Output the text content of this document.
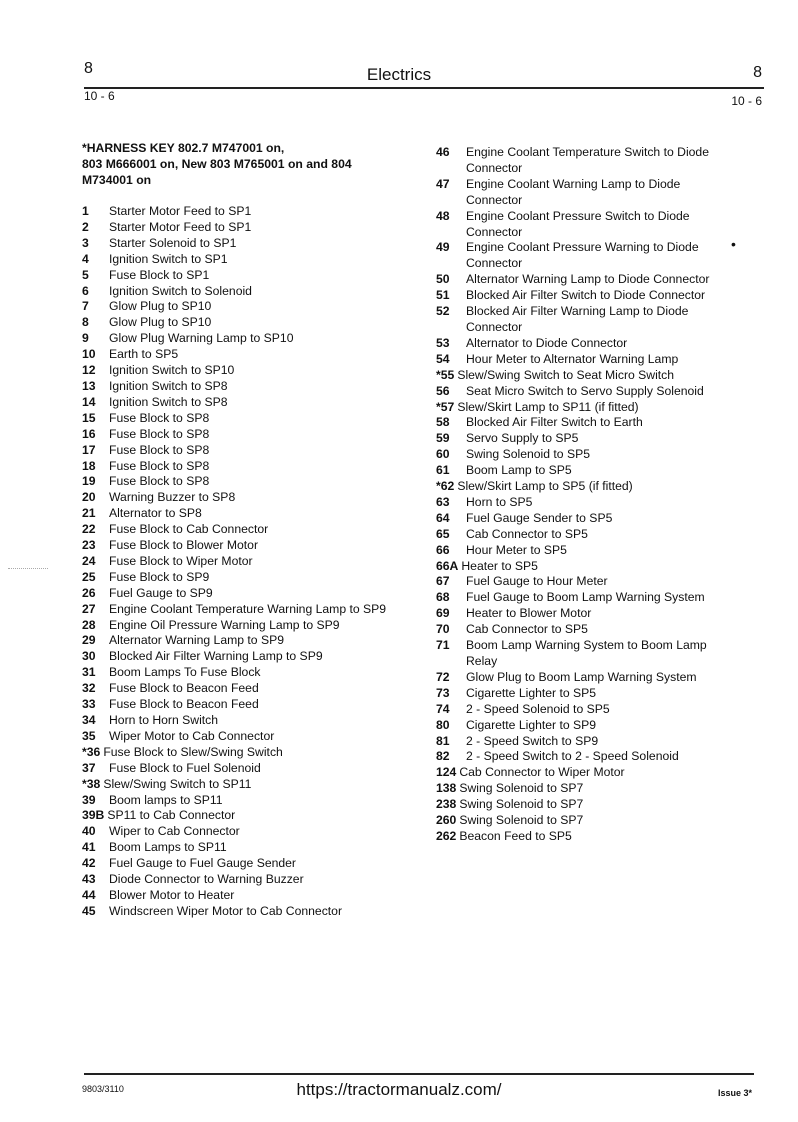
8	Electrics	8
10 - 6	10 - 6
*HARNESS KEY 802.7 M747001 on,
803 M666001 on, New 803 M765001 on and 804
M734001 on
1	Starter Motor Feed to SP1
2	Starter Motor Feed to SP1
3	Starter Solenoid to SP1
4	Ignition Switch to SP1
5	Fuse Block to SP1
6	Ignition Switch to Solenoid
7	Glow Plug to SP10
8	Glow Plug to SP10
9	Glow Plug Warning Lamp to SP10
10	Earth to SP5
12	Ignition Switch to SP10
13	Ignition Switch to SP8
14	Ignition Switch to SP8
15	Fuse Block to SP8
16	Fuse Block to SP8
17	Fuse Block to SP8
18	Fuse Block to SP8
19	Fuse Block to SP8
20	Warning Buzzer to SP8
21	Alternator to SP8
22	Fuse Block to Cab Connector
23	Fuse Block to Blower Motor
24	Fuse Block to Wiper Motor
25	Fuse Block to SP9
26	Fuel Gauge to SP9
27	Engine Coolant Temperature Warning Lamp to SP9
28	Engine Oil Pressure Warning Lamp to SP9
29	Alternator Warning Lamp to SP9
30	Blocked Air Filter Warning Lamp to SP9
31	Boom Lamps To Fuse Block
32	Fuse Block to Beacon Feed
33	Fuse Block to Beacon Feed
34	Horn to Horn Switch
35	Wiper Motor to Cab Connector
*36 Fuse Block to Slew/Swing Switch
37	Fuse Block to Fuel Solenoid
*38 Slew/Swing Switch to SP11
39	Boom lamps to SP11
39B SP11 to Cab Connector
40	Wiper to Cab Connector
41	Boom Lamps to SP11
42	Fuel Gauge to Fuel Gauge Sender
43	Diode Connector to Warning Buzzer
44	Blower Motor to Heater
45	Windscreen Wiper Motor to Cab Connector
46	Engine Coolant Temperature Switch to Diode Connector
47	Engine Coolant Warning Lamp to Diode Connector
48	Engine Coolant Pressure Switch to Diode Connector
49	Engine Coolant Pressure Warning to Diode Connector
50	Alternator Warning Lamp to Diode Connector
51	Blocked Air Filter Switch to Diode Connector
52	Blocked Air Filter Warning Lamp to Diode Connector
53	Alternator to Diode Connector
54	Hour Meter to Alternator Warning Lamp
*55 Slew/Swing Switch to Seat Micro Switch
56	Seat Micro Switch to Servo Supply Solenoid
*57 Slew/Skirt Lamp to SP11 (if fitted)
58	Blocked Air Filter Switch to Earth
59	Servo Supply to SP5
60	Swing Solenoid to SP5
61	Boom Lamp to SP5
*62 Slew/Skirt Lamp to SP5 (if fitted)
63	Horn to SP5
64	Fuel Gauge Sender to SP5
65	Cab Connector to SP5
66	Hour Meter to SP5
66A Heater to SP5
67	Fuel Gauge to Hour Meter
68	Fuel Gauge to Boom Lamp Warning System
69	Heater to Blower Motor
70	Cab Connector to SP5
71	Boom Lamp Warning System to Boom Lamp Relay
72	Glow Plug to Boom Lamp Warning System
73	Cigarette Lighter to SP5
74	2 - Speed Solenoid to SP5
80	Cigarette Lighter to SP9
81	2 - Speed Switch to SP9
82	2 - Speed Switch to 2 - Speed Solenoid
124 Cab Connector to Wiper Motor
138 Swing Solenoid to SP7
238 Swing Solenoid to SP7
260 Swing Solenoid to SP7
262 Beacon Feed to SP5
•
9803/3110	https://tractormanualz.com/	Issue 3*
